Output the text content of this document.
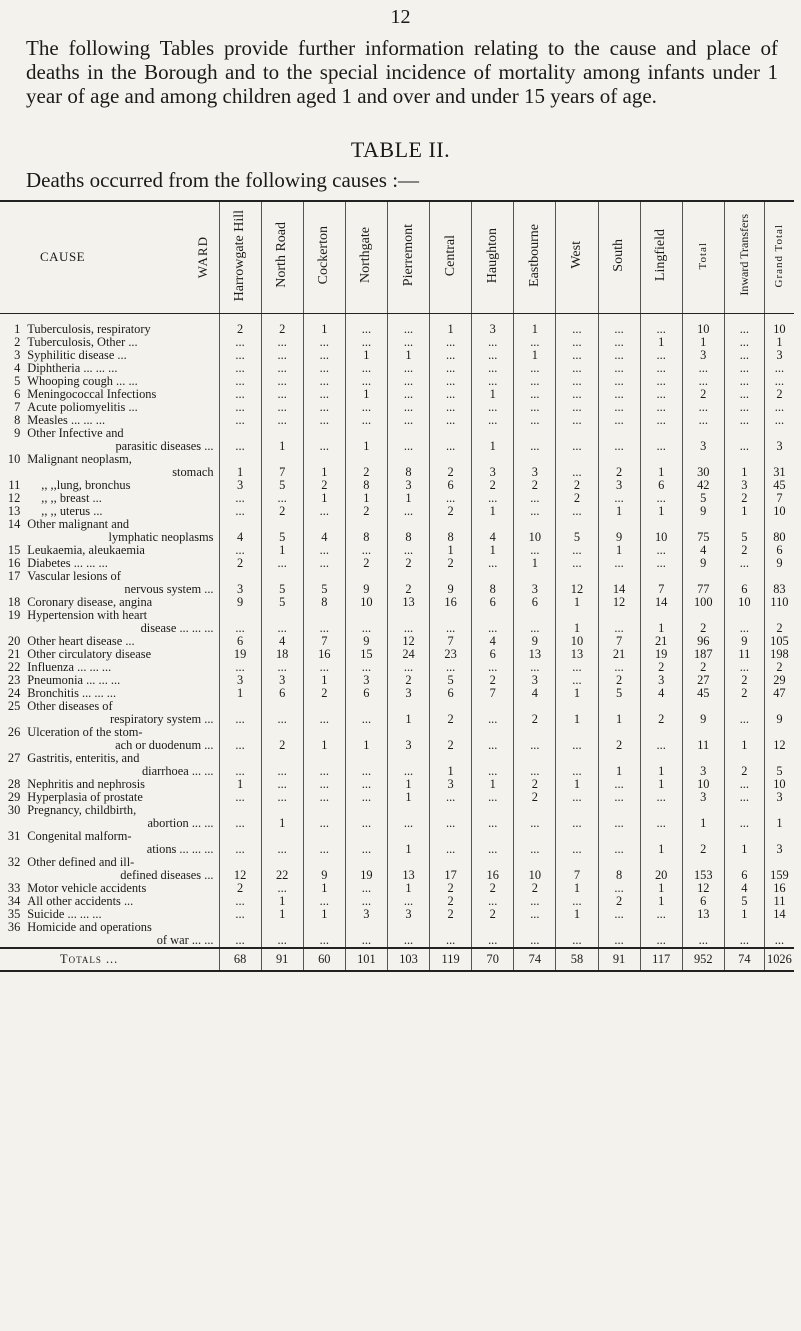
12
The following Tables provide further information relating to the cause and place of deaths in the Borough and to the special incidence of mortality among infants under 1 year of age and among children aged 1 and over and under 15 years of age.
TABLE II.
Deaths occurred from the following causes :—
CAUSE WARD		Harrowgate Hill	North Road	Cockerton	Northgate	Pierremont	Central	Haughton	Eastbourne	West	South	Lingfield	Total	Inward Transfers	Grand Total
1	Tuberculosis, respiratory	2	2	1	...	...	1	3	1	...	...	...	10	...	10
2	Tuberculosis, Other ...	...	...	...	...	...	...	...	...	...	...	1	1	...	1
3	Syphilitic disease ...	...	...	...	1	1	...	...	1	...	...	...	3	...	3
4	Diphtheria ... ... ...	...	...	...	...	...	...	...	...	...	...	...	...	...	...
5	Whooping cough ... ...	...	...	...	...	...	...	...	...	...	...	...	...	...	...
6	Meningococcal Infections	...	...	...	1	...	...	1	...	...	...	...	2	...	2
7	Acute poliomyelitis ...	...	...	...	...	...	...	...	...	...	...	...	...	...	...
8	Measles ... ... ...	...	...	...	...	...	...	...	...	...	...	...	...	...	...
9	Other Infective and
parasitic diseases ...	...	1	...	1	...	...	1	...	...	...	...	3	...	3
10	Malignant neoplasm,
stomach	1	7	1	2	8	2	3	3	...	2	1	30	1	31
11	,, ,,lung, bronchus	3	5	2	8	3	6	2	2	2	3	6	42	3	45
12	,, ,, breast ...	...	...	1	1	1	...	...	...	2	...	...	5	2	7
13	,, ,, uterus ...	...	2	...	2	...	2	1	...	...	1	1	9	1	10
14	Other malignant and
lymphatic neoplasms	4	5	4	8	8	8	4	10	5	9	10	75	5	80
15	Leukaemia, aleukaemia	...	1	...	...	...	1	1	...	...	1	...	4	2	6
16	Diabetes ... ... ...	2	...	...	2	2	2	...	1	...	...	...	9	...	9
17	Vascular lesions of
nervous system ...	3	5	5	9	2	9	8	3	12	14	7	77	6	83
18	Coronary disease, angina	9	5	8	10	13	16	6	6	1	12	14	100	10	110
19	Hypertension with heart
disease ... ... ...	...	...	...	...	...	...	...	...	1	...	1	2	...	2
20	Other heart disease ...	6	4	7	9	12	7	4	9	10	7	21	96	9	105
21	Other circulatory disease	19	18	16	15	24	23	6	13	13	21	19	187	11	198
22	Influenza ... ... ...	...	...	...	...	...	...	...	...	...	...	2	2	...	2
23	Pneumonia ... ... ...	3	3	1	3	2	5	2	3	...	2	3	27	2	29
24	Bronchitis ... ... ...	1	6	2	6	3	6	7	4	1	5	4	45	2	47
25	Other diseases of
respiratory system ...	...	...	...	...	1	2	...	2	1	1	2	9	...	9
26	Ulceration of the stom-
ach or duodenum ...	...	2	1	1	3	2	...	...	...	2	...	11	1	12
27	Gastritis, enteritis, and
diarrhoea ... ...	...	...	...	...	...	1	...	...	...	1	1	3	2	5
28	Nephritis and nephrosis	1	...	...	...	1	3	1	2	1	...	1	10	...	10
29	Hyperplasia of prostate	...	...	...	...	1	...	...	2	...	...	...	3	...	3
30	Pregnancy, childbirth,
abortion ... ...	...	1	...	...	...	...	...	...	...	...	...	1	...	1
31	Congenital malform-
ations ... ... ...	...	...	...	...	1	...	...	...	...	...	1	2	1	3
32	Other defined and ill-
defined diseases ...	12	22	9	19	13	17	16	10	7	8	20	153	6	159
33	Motor vehicle accidents	2	...	1	...	1	2	2	2	1	...	1	12	4	16
34	All other accidents ...	...	1	...	...	...	2	...	...	...	2	1	6	5	11
35	Suicide ... ... ...	...	1	1	3	3	2	2	...	1	...	...	13	1	14
36	Homicide and operations
of war ... ...	...	...	...	...	...	...	...	...	...	...	...	...	...	...
Totals ...		68	91	60	101	103	119	70	74	58	91	117	952	74	1026
